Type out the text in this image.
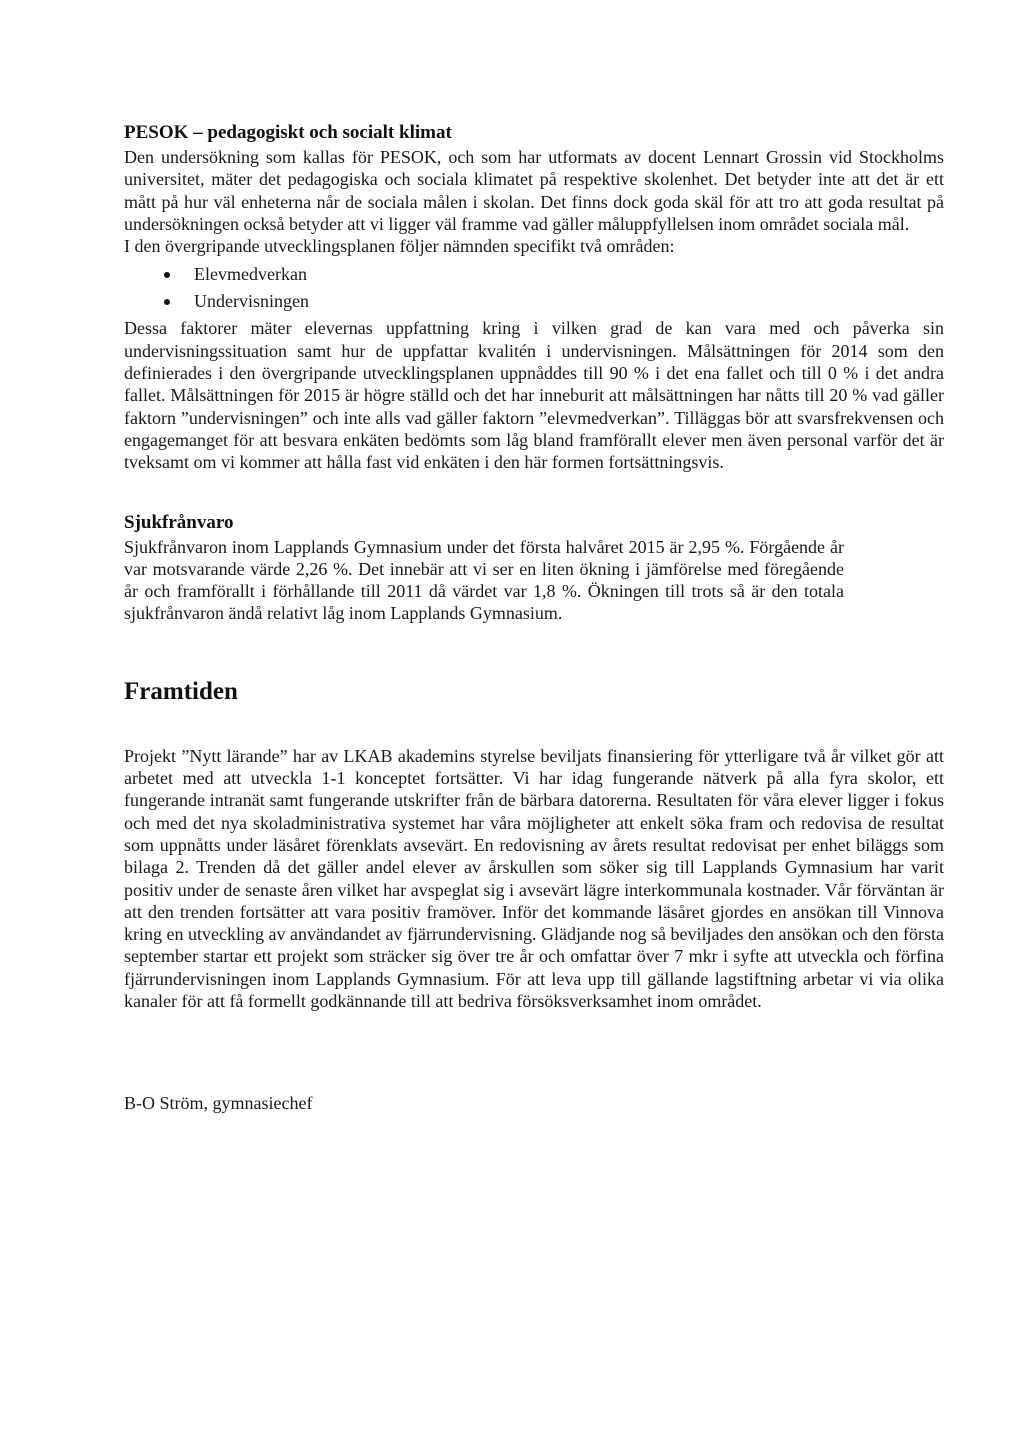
PESOK – pedagogiskt och socialt klimat

Den undersökning som kallas för PESOK, och som har utformats av docent Lennart Grossin vid Stockholms universitet, mäter det pedagogiska och sociala klimatet på respektive skolenhet. Det betyder inte att det är ett mått på hur väl enheterna når de sociala målen i skolan. Det finns dock goda skäl för att tro att goda resultat på undersökningen också betyder att vi ligger väl framme vad gäller måluppfyllelsen inom området sociala mål.

I den övergripande utvecklingsplanen följer nämnden specifikt två områden:

Elevmedverkan
Undervisningen

Dessa faktorer mäter elevernas uppfattning kring i vilken grad de kan vara med och påverka sin undervisningssituation samt hur de uppfattar kvalitén i undervisningen. Målsättningen för 2014 som den definierades i den övergripande utvecklingsplanen uppnåddes till 90 % i det ena fallet och till 0 % i det andra fallet. Målsättningen för 2015 är högre ställd och det har inneburit att målsättningen har nåtts till 20 % vad gäller faktorn ”undervisningen” och inte alls vad gäller faktorn ”elevmedverkan”. Tilläggas bör att svarsfrekvensen och engagemanget för att besvara enkäten bedömts som låg bland framförallt elever men även personal varför det är tveksamt om vi kommer att hålla fast vid enkäten i den här formen fortsättningsvis.

Sjukfrånvaro

Sjukfrånvaron inom Lapplands Gymnasium under det första halvåret 2015 är 2,95 %. Förgående år var motsvarande värde 2,26 %. Det innebär att vi ser en liten ökning i jämförelse med föregående år och framförallt i förhållande till 2011 då värdet var 1,8 %. Ökningen till trots så är den totala sjukfrånvaron ändå relativt låg inom Lapplands Gymnasium.

Framtiden

Projekt ”Nytt lärande” har av LKAB akademins styrelse beviljats finansiering för ytterligare två år vilket gör att arbetet med att utveckla 1-1 konceptet fortsätter. Vi har idag fungerande nätverk på alla fyra skolor, ett fungerande intranät samt fungerande utskrifter från de bärbara datorerna. Resultaten för våra elever ligger i fokus och med det nya skoladministrativa systemet har våra möjligheter att enkelt söka fram och redovisa de resultat som uppnåtts under läsåret förenklats avsevärt. En redovisning av årets resultat redovisat per enhet biläggs som bilaga 2. Trenden då det gäller andel elever av årskullen som söker sig till Lapplands Gymnasium har varit positiv under de senaste åren vilket har avspeglat sig i avsevärt lägre interkommunala kostnader. Vår förväntan är att den trenden fortsätter att vara positiv framöver. Inför det kommande läsåret gjordes en ansökan till Vinnova kring en utveckling av användandet av fjärrundervisning. Glädjande nog så beviljades den ansökan och den första september startar ett projekt som sträcker sig över tre år och omfattar över 7 mkr i syfte att utveckla och förfina fjärrundervisningen inom Lapplands Gymnasium. För att leva upp till gällande lagstiftning arbetar vi via olika kanaler för att få formellt godkännande till att bedriva försöksverksamhet inom området.

B-O Ström, gymnasiechef
